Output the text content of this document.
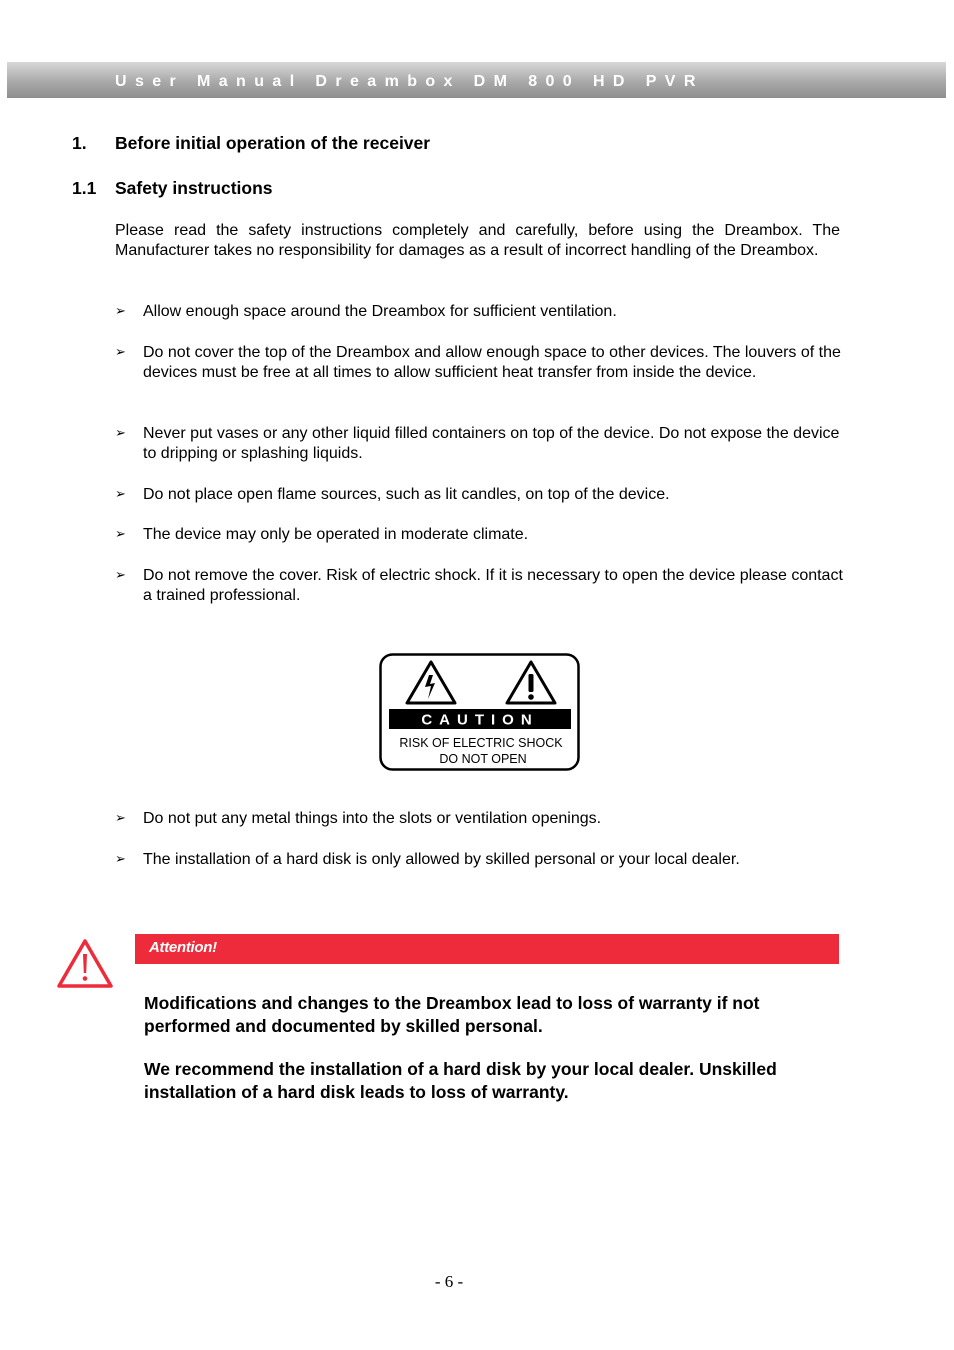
User Manual Dreambox DM 800 HD PVR
1. Before initial operation of the receiver
1.1 Safety instructions
Please read the safety instructions completely and carefully, before using the Dreambox. The Manufacturer takes no responsibility for damages as a result of incorrect handling of the Dreambox.
➢ Allow enough space around the Dreambox for sufficient ventilation.
➢ Do not cover the top of the Dreambox and allow enough space to other devices. The louvers of the devices must be free at all times to allow sufficient heat transfer from inside the device.
➢ Never put vases or any other liquid filled containers on top of the device. Do not expose the device to dripping or splashing liquids.
➢ Do not place open flame sources, such as lit candles, on top of the device.
➢ The device may only be operated in moderate climate.
➢ Do not remove the cover. Risk of electric shock. If it is necessary to open the device please contact a trained professional.
CAUTION
RISK OF ELECTRIC SHOCK
DO NOT OPEN
➢ Do not put any metal things into the slots or ventilation openings.
➢ The installation of a hard disk is only allowed by skilled personal or your local dealer.
Attention!
Modifications and changes to the Dreambox lead to loss of warranty if not performed and documented by skilled personal.
We recommend the installation of a hard disk by your local dealer. Unskilled installation of a hard disk leads to loss of warranty.
- 6 -
